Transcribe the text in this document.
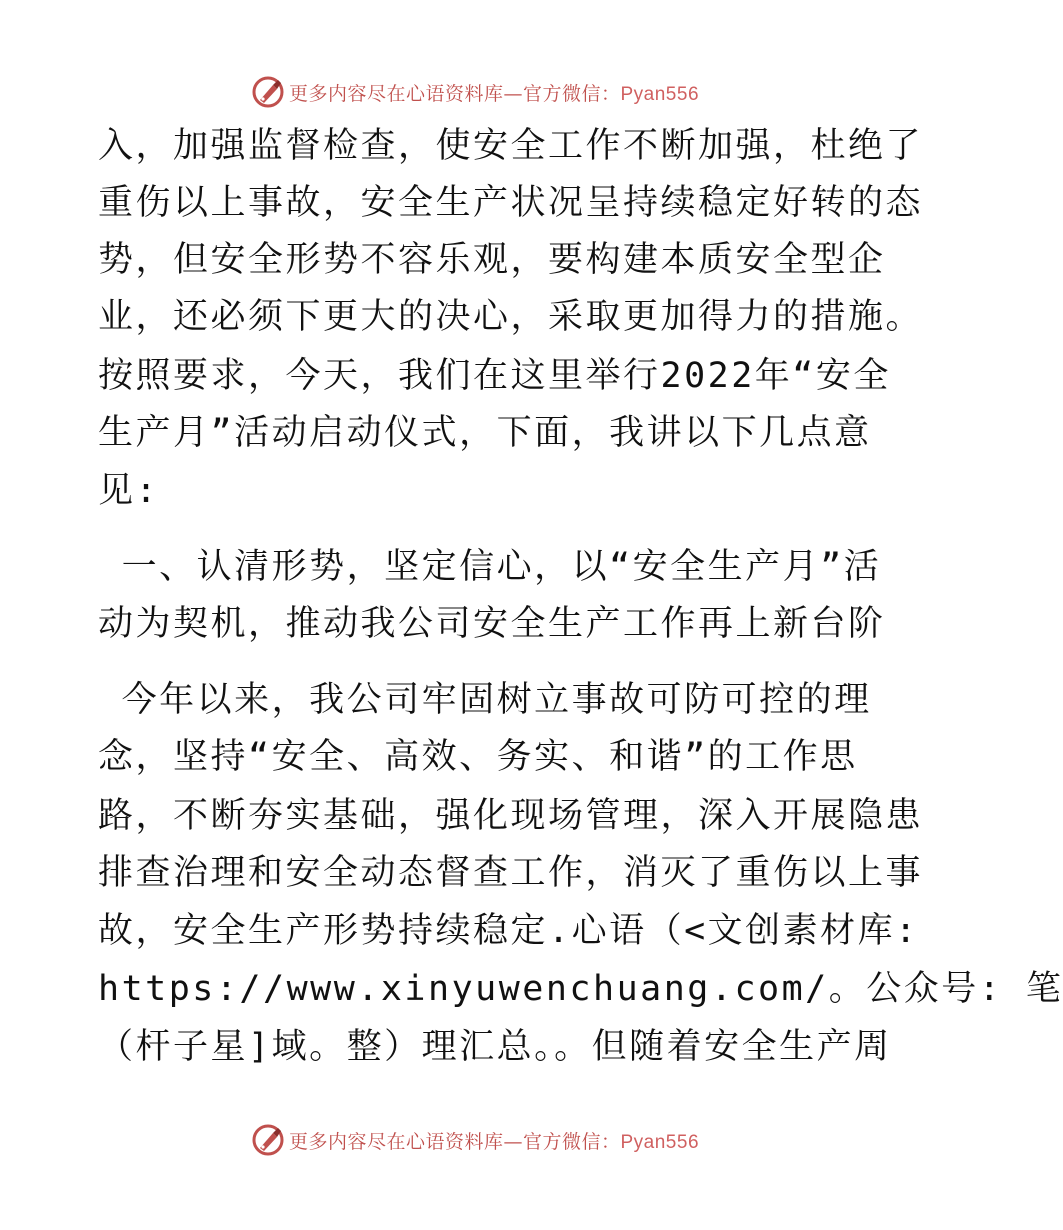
更多内容尽在心语资料库—官方微信：Pyan556
入，加强监督检查，使安全工作不断加强，杜绝了
重伤以上事故，安全生产状况呈持续稳定好转的态
势，但安全形势不容乐观，要构建本质安全型企
业，还必须下更大的决心，采取更加得力的措施。
按照要求，今天，我们在这里举行2022年“安全
生产月”活动启动仪式，下面，我讲以下几点意
见:
一、认清形势，坚定信心，以“安全生产月”活
动为契机，推动我公司安全生产工作再上新台阶
今年以来，我公司牢固树立事故可防可控的理
念，坚持“安全、高效、务实、和谐”的工作思
路，不断夯实基础，强化现场管理，深入开展隐患
排查治理和安全动态督查工作，消灭了重伤以上事
故，安全生产形势持续稳定.心语（<文创素材库:
https://www.xinyuwenchuang.com/。公众号: 笔
（杆子星]域。整）理汇总。。但随着安全生产周
更多内容尽在心语资料库—官方微信：Pyan556
